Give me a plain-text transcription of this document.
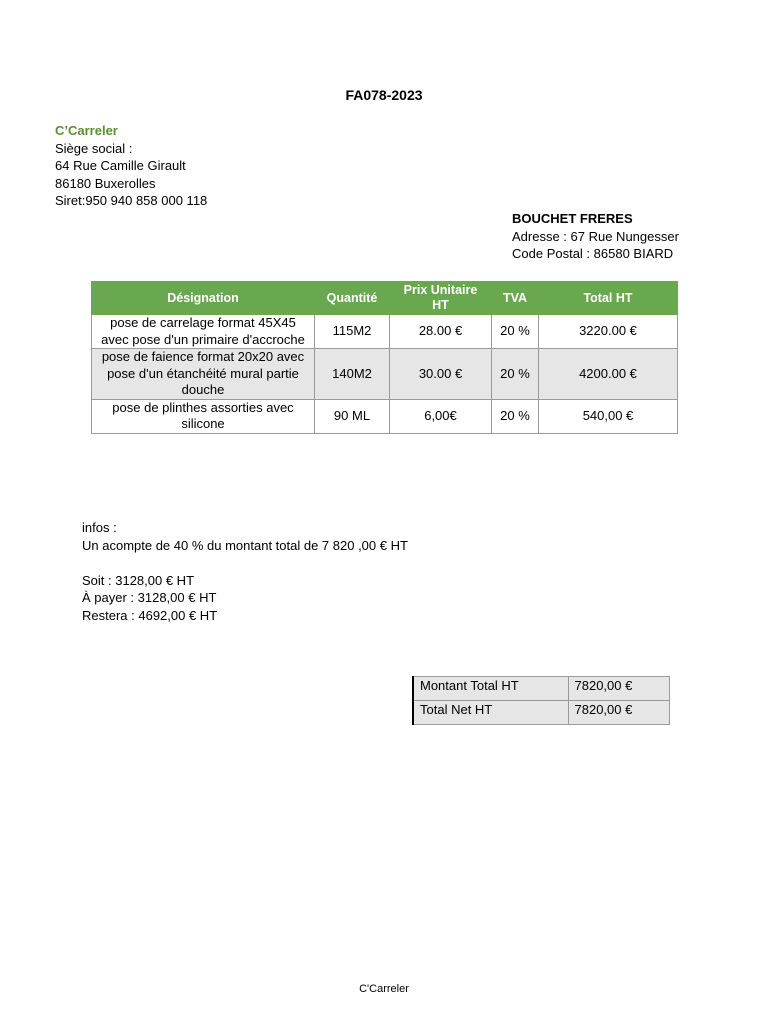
FA078-2023
C’Carreler
Siège social :
64 Rue Camille Girault
86180 Buxerolles
Siret:950 940 858 000 118
BOUCHET FRERES
Adresse : 67 Rue Nungesser
Code Postal : 86580 BIARD
Désignation	Quantité	Prix Unitaire HT	TVA	Total HT
pose de carrelage format 45X45 avec pose d'un primaire d'accroche	115M2	28.00 €	20 %	3220.00 €
pose de faience format 20x20 avec pose d'un étanchéité mural partie douche	140M2	30.00 €	20 %	4200.00 €
pose de plinthes assorties avec silicone	90 ML	6,00€	20 %	540,00 €
infos :
Un acompte de 40 % du montant total de 7 820 ,00 € HT
Soit : 3128,00 € HT
À payer : 3128,00 € HT
Restera : 4692,00 € HT
Montant Total HT	7820,00 €
Total Net HT	7820,00 €
C'Carreler
